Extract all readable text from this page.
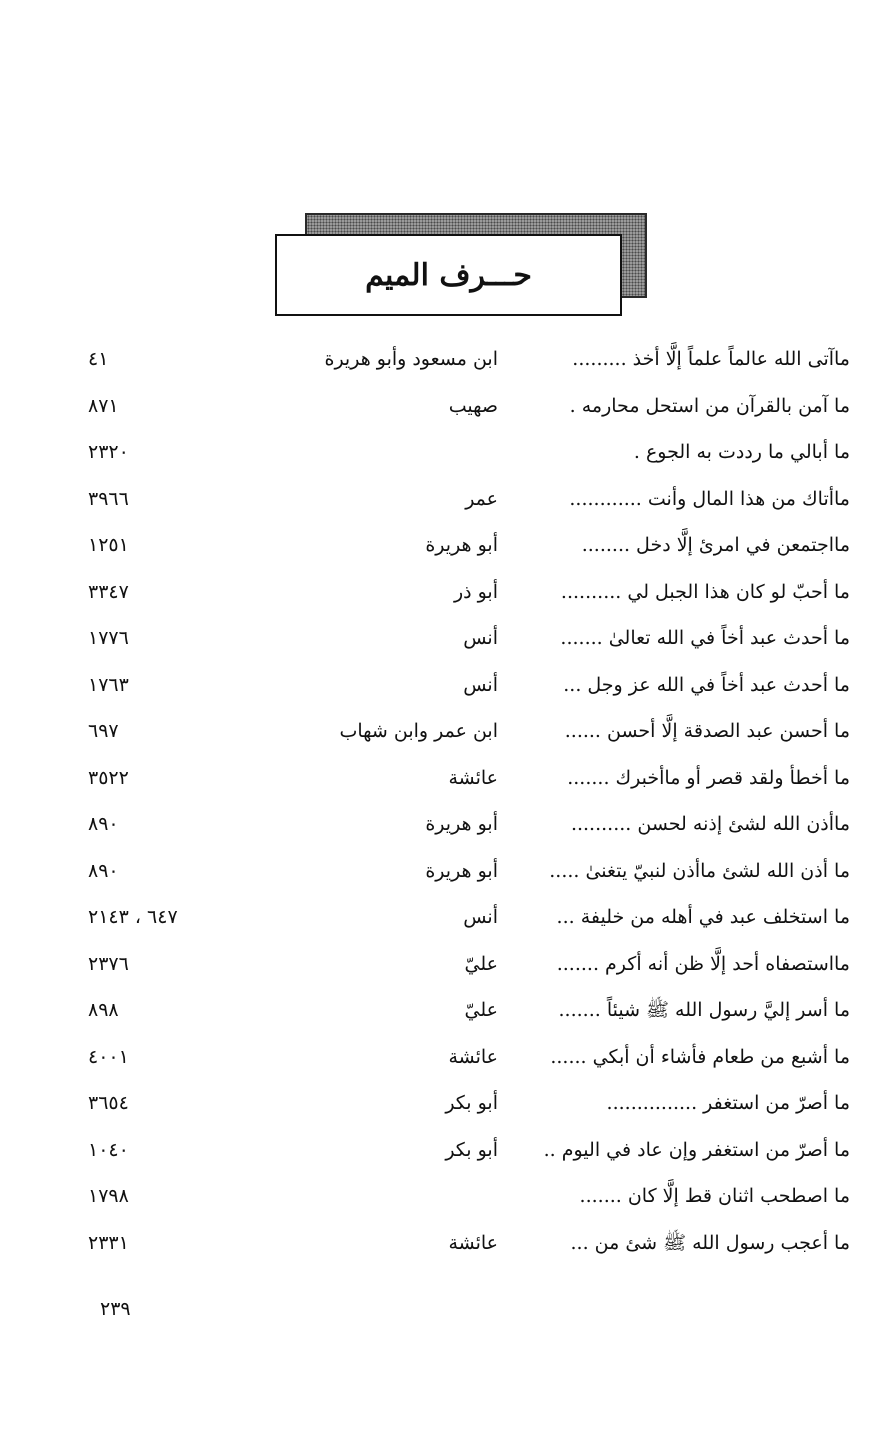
حـــرف الميم
ماآتى الله عالماً علماً إلَّا أخذ .........
ابن مسعود وأبو هريرة
٤١
ما آمن بالقرآن من استحل محارمه .
صهيب
٨٧١
ما أبالي ما رددت به الجوع .
٢٣٢٠
ماأتاك من هذا المال وأنت ............
عمر
٣٩٦٦
مااجتمعن في امرئ إلَّا دخل ........
أبو هريرة
١٢٥١
ما أحبّ لو كان هذا الجبل لي ..........
أبو ذر
٣٣٤٧
ما أحدث عبد أخاً في الله تعالىٰ .......
أنس
١٧٧٦
ما أحدث عبد أخاً في الله عز وجل ...
أنس
١٧٦٣
ما أحسن عبد الصدقة إلَّا أحسن ......
ابن عمر وابن شهاب
٦٩٧
ما أخطأ ولقد قصر أو ماأخبرك .......
عائشة
٣٥٢٢
ماأذن الله لشئ إذنه لحسن ..........
أبو هريرة
٨٩٠
ما أذن الله لشئ ماأذن لنبيّ يتغنىٰ .....
أبو هريرة
٨٩٠
ما استخلف عبد في أهله من خليفة ...
أنس
٦٤٧ ، ٢١٤٣
مااستصفاه أحد إلَّا ظن أنه أكرم .......
عليّ
٢٣٧٦
ما أسر إليَّ رسول الله ﷺ شيئاً .......
عليّ
٨٩٨
ما أشبع من طعام فأشاء أن أبكي ......
عائشة
٤٠٠١
ما أصرّ من استغفر ...............
أبو بكر
٣٦٥٤
ما أصرّ من استغفر وإن عاد في اليوم ..
أبو بكر
١٠٤٠
ما اصطحب اثنان قط إلَّا كان .......
١٧٩٨
ما أعجب رسول الله ﷺ شئ من ...
عائشة
٢٣٣١
٢٣٩
